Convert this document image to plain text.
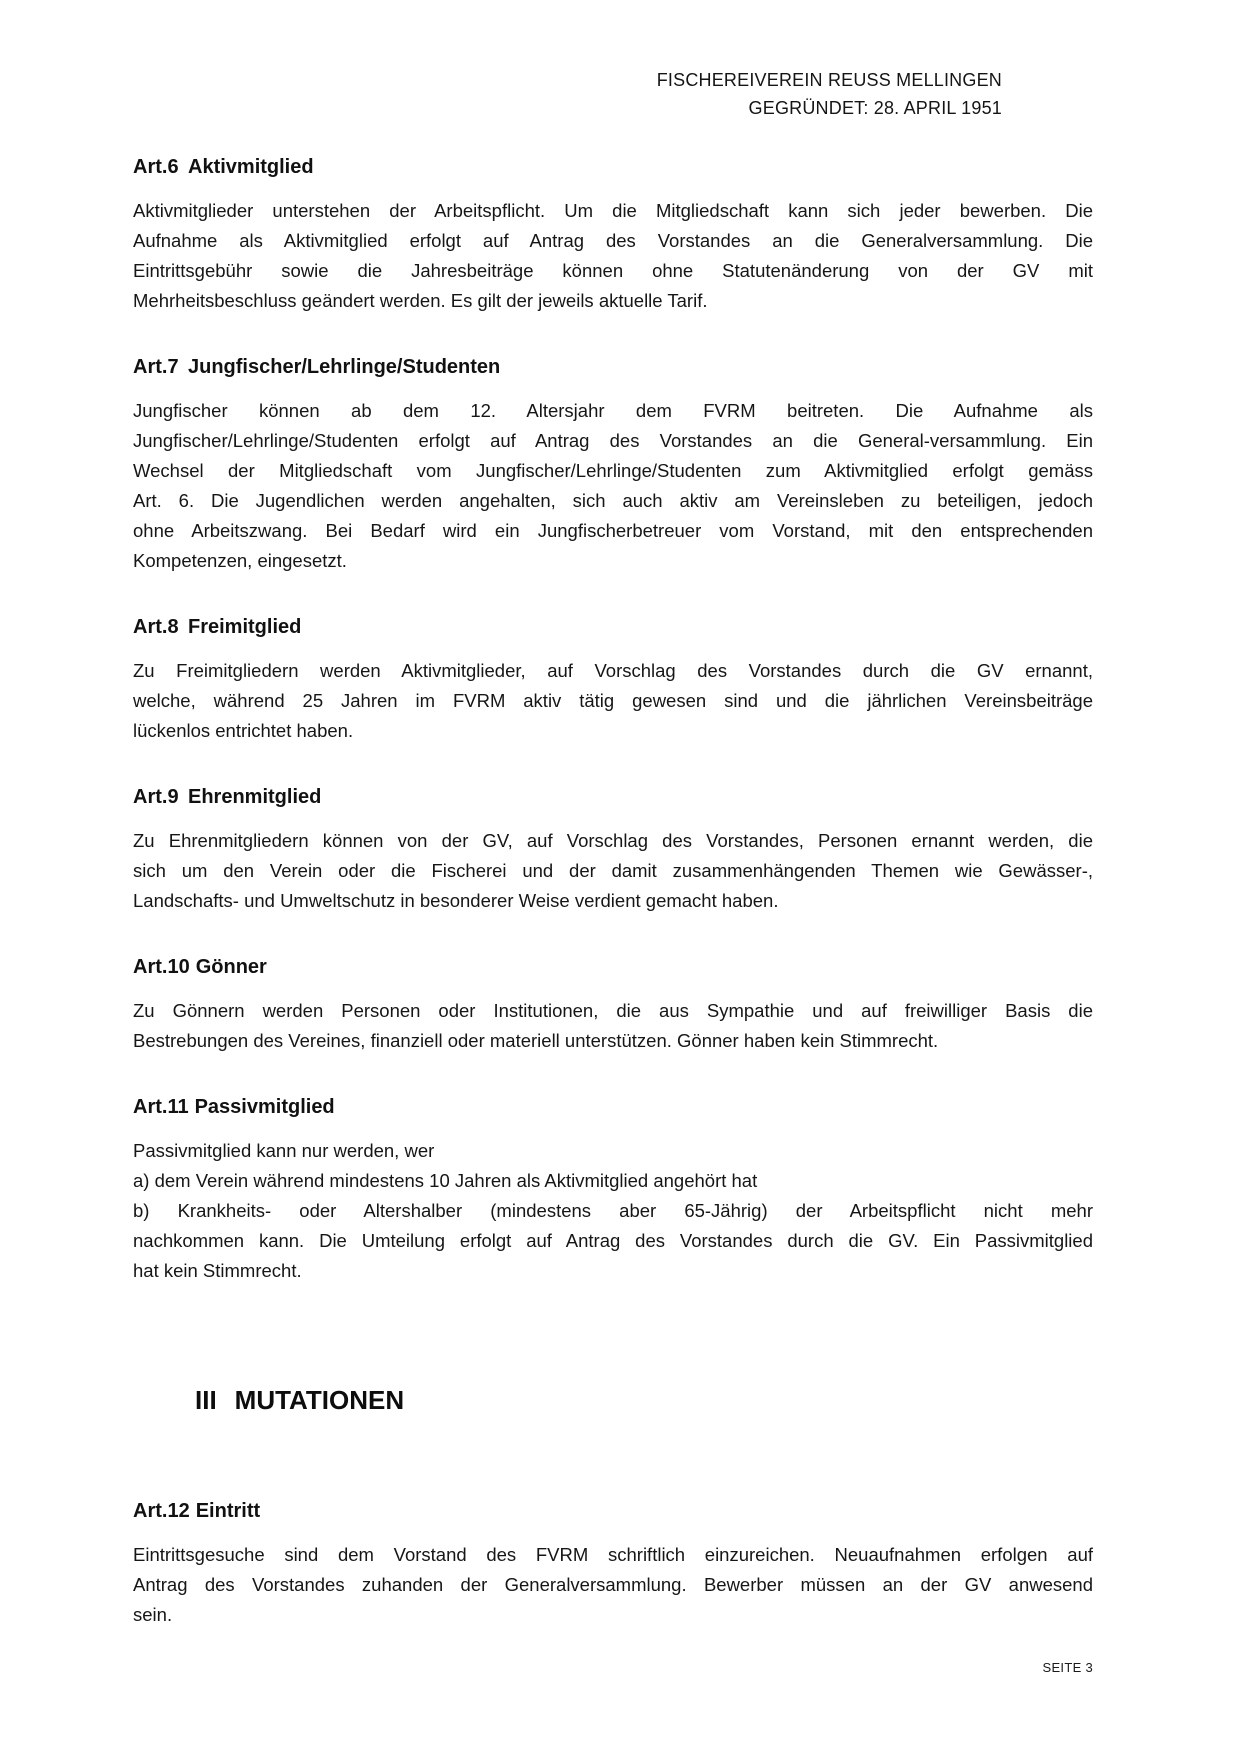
FISCHEREIVEREIN REUSS MELLINGEN
GEGRÜNDET: 28. APRIL 1951
Art.6 Aktivmitglied
Aktivmitglieder unterstehen der Arbeitspflicht. Um die Mitgliedschaft kann sich jeder bewerben. Die
Aufnahme als Aktivmitglied erfolgt auf Antrag des Vorstandes an die Generalversammlung. Die
Eintrittsgebühr sowie die Jahresbeiträge können ohne Statutenänderung von der GV mit
Mehrheitsbeschluss geändert werden. Es gilt der jeweils aktuelle Tarif.
Art.7 Jungfischer/Lehrlinge/Studenten
Jungfischer können ab dem 12. Altersjahr dem FVRM beitreten. Die Aufnahme als
Jungfischer/Lehrlinge/Studenten erfolgt auf Antrag des Vorstandes an die General-versammlung. Ein
Wechsel der Mitgliedschaft vom Jungfischer/Lehrlinge/Studenten zum Aktivmitglied erfolgt gemäss
Art. 6. Die Jugendlichen werden angehalten, sich auch aktiv am Vereinsleben zu beteiligen, jedoch
ohne Arbeitszwang. Bei Bedarf wird ein Jungfischerbetreuer vom Vorstand, mit den entsprechenden
Kompetenzen, eingesetzt.
Art.8 Freimitglied
Zu Freimitgliedern werden Aktivmitglieder, auf Vorschlag des Vorstandes durch die GV ernannt,
welche, während 25 Jahren im FVRM aktiv tätig gewesen sind und die jährlichen Vereinsbeiträge
lückenlos entrichtet haben.
Art.9 Ehrenmitglied
Zu Ehrenmitgliedern können von der GV, auf Vorschlag des Vorstandes, Personen ernannt werden, die
sich um den Verein oder die Fischerei und der damit zusammenhängenden Themen wie Gewässer-,
Landschafts- und Umweltschutz in besonderer Weise verdient gemacht haben.
Art.10 Gönner
Zu Gönnern werden Personen oder Institutionen, die aus Sympathie und auf freiwilliger Basis die
Bestrebungen des Vereines, finanziell oder materiell unterstützen. Gönner haben kein Stimmrecht.
Art.11 Passivmitglied
Passivmitglied kann nur werden, wer
a) dem Verein während mindestens 10 Jahren als Aktivmitglied angehört hat
b) Krankheits- oder Altershalber (mindestens aber 65-Jährig) der Arbeitspflicht nicht mehr
nachkommen kann. Die Umteilung erfolgt auf Antrag des Vorstandes durch die GV. Ein Passivmitglied
hat kein Stimmrecht.
III MUTATIONEN
Art.12 Eintritt
Eintrittsgesuche sind dem Vorstand des FVRM schriftlich einzureichen. Neuaufnahmen erfolgen auf
Antrag des Vorstandes zuhanden der Generalversammlung. Bewerber müssen an der GV anwesend
sein.
SEITE 3
